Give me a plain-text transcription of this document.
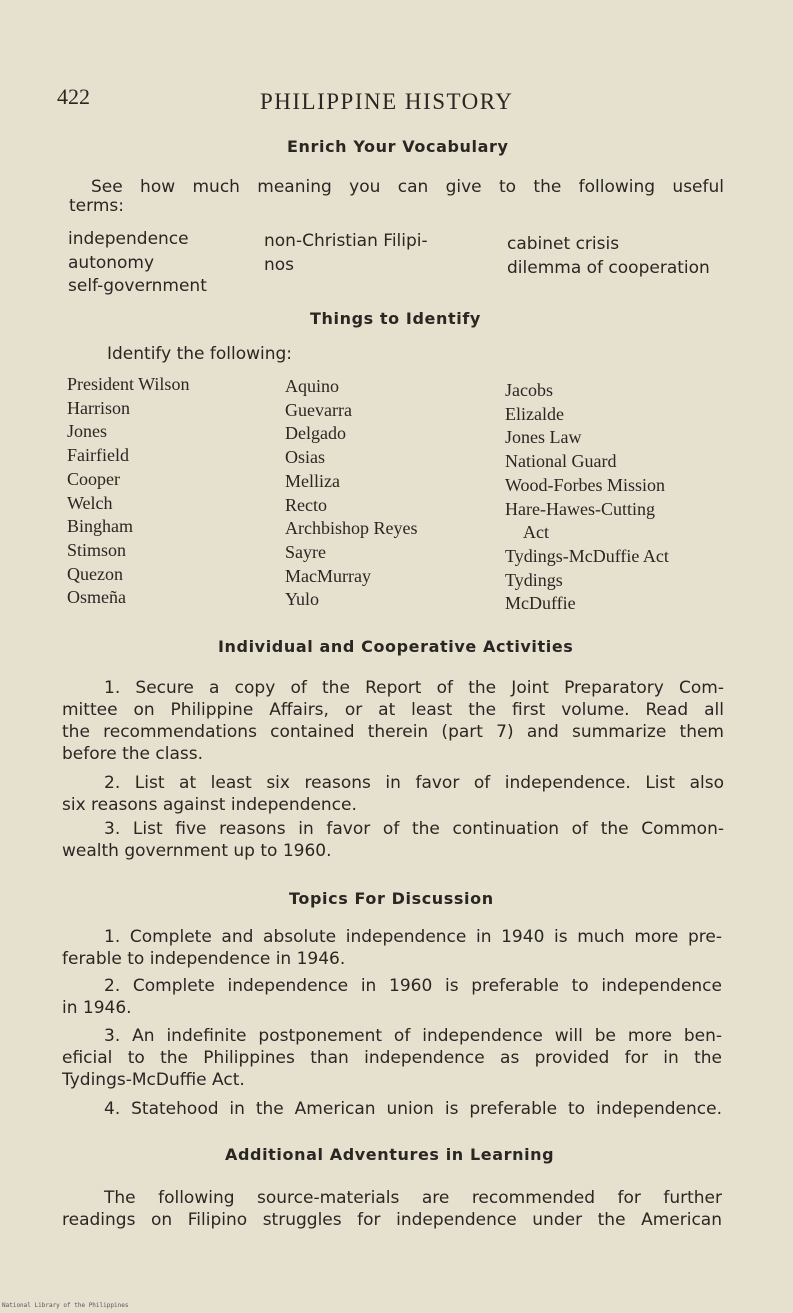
422	PHILIPPINE HISTORY
Enrich Your Vocabulary
See how much meaning you can give to the following useful
terms:
independence
autonomy
self-government
non-Christian Filipi-
nos
cabinet crisis
dilemma of cooperation
Things to Identify
Identify the following:
President Wilson
Harrison
Jones
Fairfield
Cooper
Welch
Bingham
Stimson
Quezon
Osmeña
Aquino
Guevarra
Delgado
Osias
Melliza
Recto
Archbishop Reyes
Sayre
MacMurray
Yulo
Jacobs
Elizalde
Jones Law
National Guard
Wood-Forbes Mission
Hare-Hawes-Cutting
Act
Tydings-McDuffie Act
Tydings
McDuffie
Individual and Cooperative Activities
1. Secure a copy of the Report of the Joint Preparatory Com-
mittee on Philippine Affairs, or at least the first volume. Read all
the recommendations contained therein (part 7) and summarize them
before the class.
2. List at least six reasons in favor of independence. List also
six reasons against independence.
3. List five reasons in favor of the continuation of the Common-
wealth government up to 1960.
Topics For Discussion
1. Complete and absolute independence in 1940 is much more pre-
ferable to independence in 1946.
2. Complete independence in 1960 is preferable to independence
in 1946.
3. An indefinite postponement of independence will be more ben-
eficial to the Philippines than independence as provided for in the
Tydings-McDuffie Act.
4. Statehood in the American union is preferable to independence.
Additional Adventures in Learning
The following source-materials are recommended for further
readings on Filipino struggles for independence under the American
National Library of the Philippines
